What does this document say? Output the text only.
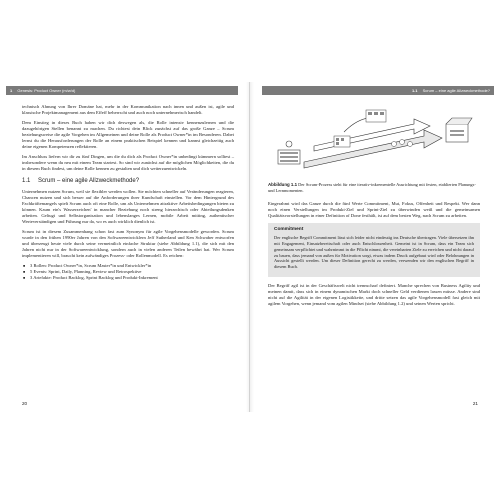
1 Genesis: Product Owner (m/w/d)

technisch Ahnung von Ihrer Domäne hat, mehr in der Kommunikation nach innen und außen ist, agile und klassische Projektmanagement aus dem Effeff beherrscht und auch noch unternehmerisch handelt.

Dem Einstieg in dieses Buch haben wir dich deswegen als, die Rolle intensiv kennenzulernen und die dazugehörigen Stellen benannt zu machen. Du richtest dein Blick zunächst auf das große Ganze – Scrum beziehungsweise die agile Vorgehen im Allgemeinen und deine Rolle als Product Owner*in im Besonderen. Dabei lernst du die Herausforderungen der Rolle an einem praktischen Beispiel kennen und kannst gleichzeitig auch deine eigenen Kompetenzen reflektieren.

Im Anschluss liefern wir dir zu fünf Dingen, um die du dich als Product Owner*in unbedingt kümmern solltest – insbesondere wenn du neu mit einem Team startest. So sind wir zunächst auf die möglichen Möglichkeiten, die du in diesem Buch findest, um deine Rolle kennen zu gestalten und dich weiterzuentwickeln.

1.1 Scrum – eine agile Allzweckmethode?

Unternehmen nutzen Scrum, weil sie flexibler werden wollen. Sie möchten schneller auf Veränderungen reagieren, Chancen nutzen und sich besser auf die Anforderungen ihrer Kundschaft einstellen. Vor dem Hintergrund des Fachkräftemangels spielt Scrum auch oft eine Rolle, um als Unternehmen attraktive Arbeitsbedingungen bieten zu können. Kaum ein's Wasserzeichen' in mancher Beziehung noch streng hierarchisch oder Abteilungsdenken arbeiten. Geltugi und Selbstorganisation und lebenslanges Lernen, mobile Arbeit mitting, authentischer Werteverständigen und Führung nur da, wo es auch wirklich dienlich ist.

Scrum ist in diesem Zusammenhang schon fast zum Synonym für agile Vorgehensmodelle geworden. Scrum wurde in den frühen 1990er Jahren von den Softwareentwicklern Jeff Sutherland und Ken Schwaber entworfen und überzeugt heute viele durch seine vermeintlich einfache Struktur (siehe Abbildung 1.1), die sich mit den Jahren nicht nur in der Softwareentwicklung, sondern auch in vielen anderen Teilen bewährt hat. Wer Scrum implementieren will, braucht kein aufwändiges Prozess- oder Rollenmodell. Es reichen:

■ 3 Rollen: Product Owner*in, Scrum Master*in und Entwickler*in
■ 5 Events: Sprint, Daily, Planning, Review und Retrospektive
■ 3 Artefakte: Product Backlog, Sprint Backlog und Produkt-Inkrement
20
1.1 Scrum – eine agile Allzweckmethode?
Abbildung 1.1 Der Scrum-Prozess steht für eine iterativ-inkrementelle Ausrichtung mit festen, etablierten Planungs- und Lernmomenten.

Eingerahmt wird das Ganze durch die fünf Werte Commitment, Mut, Fokus, Offenheit und Respekt. Wer dann noch einen Verstellungen im Produkt-Ziel und Sprint-Ziel zu überwinden weiß und die gemeinsamen Qualitätsvorstellungen in einer Definition of Done festhält, ist auf dem besten Weg, nach Scrum zu arbeiten.

Commitment

Der englische Begriff Commitment lässt sich leider nicht eindeutig ins Deutsche übertragen. Viele übersetzen ihn mit Engagement, Einsatzbereitschaft oder auch Entschlossenheit. Gemeint ist in Scrum, dass ein Team sich gemeinsam verpflichtet und wahrnimmt in die Pflicht nimmt, die vereinbarten Ziele zu erreichen und nicht darauf zu bauen, dass jemand von außen für Motivation sorgt, etwas indem Druck aufgebaut wird oder Belohnungen in Aussicht gestellt werden. Um dieser Definition gerecht zu werden, verwenden wir den englischen Begriff in diesem Buch.

Der Begriff agil ist in der Geschäftswelt nicht trennscharf definiert. Manche sprechen von Business Agility und meinen damit, dass sich in einem dynamischen Markt doch schneller Geld verdienen lassen müsse. Andere sind nicht auf die Agilität in der eigenen Logistikkette, und dritte setzen das agile Vorgehensmodell fast gleich mit agilem Vorgehen, wenn jemand vom agilen Mindset (siehe Abbildung 1.2) und seinen Werten spricht.

21
